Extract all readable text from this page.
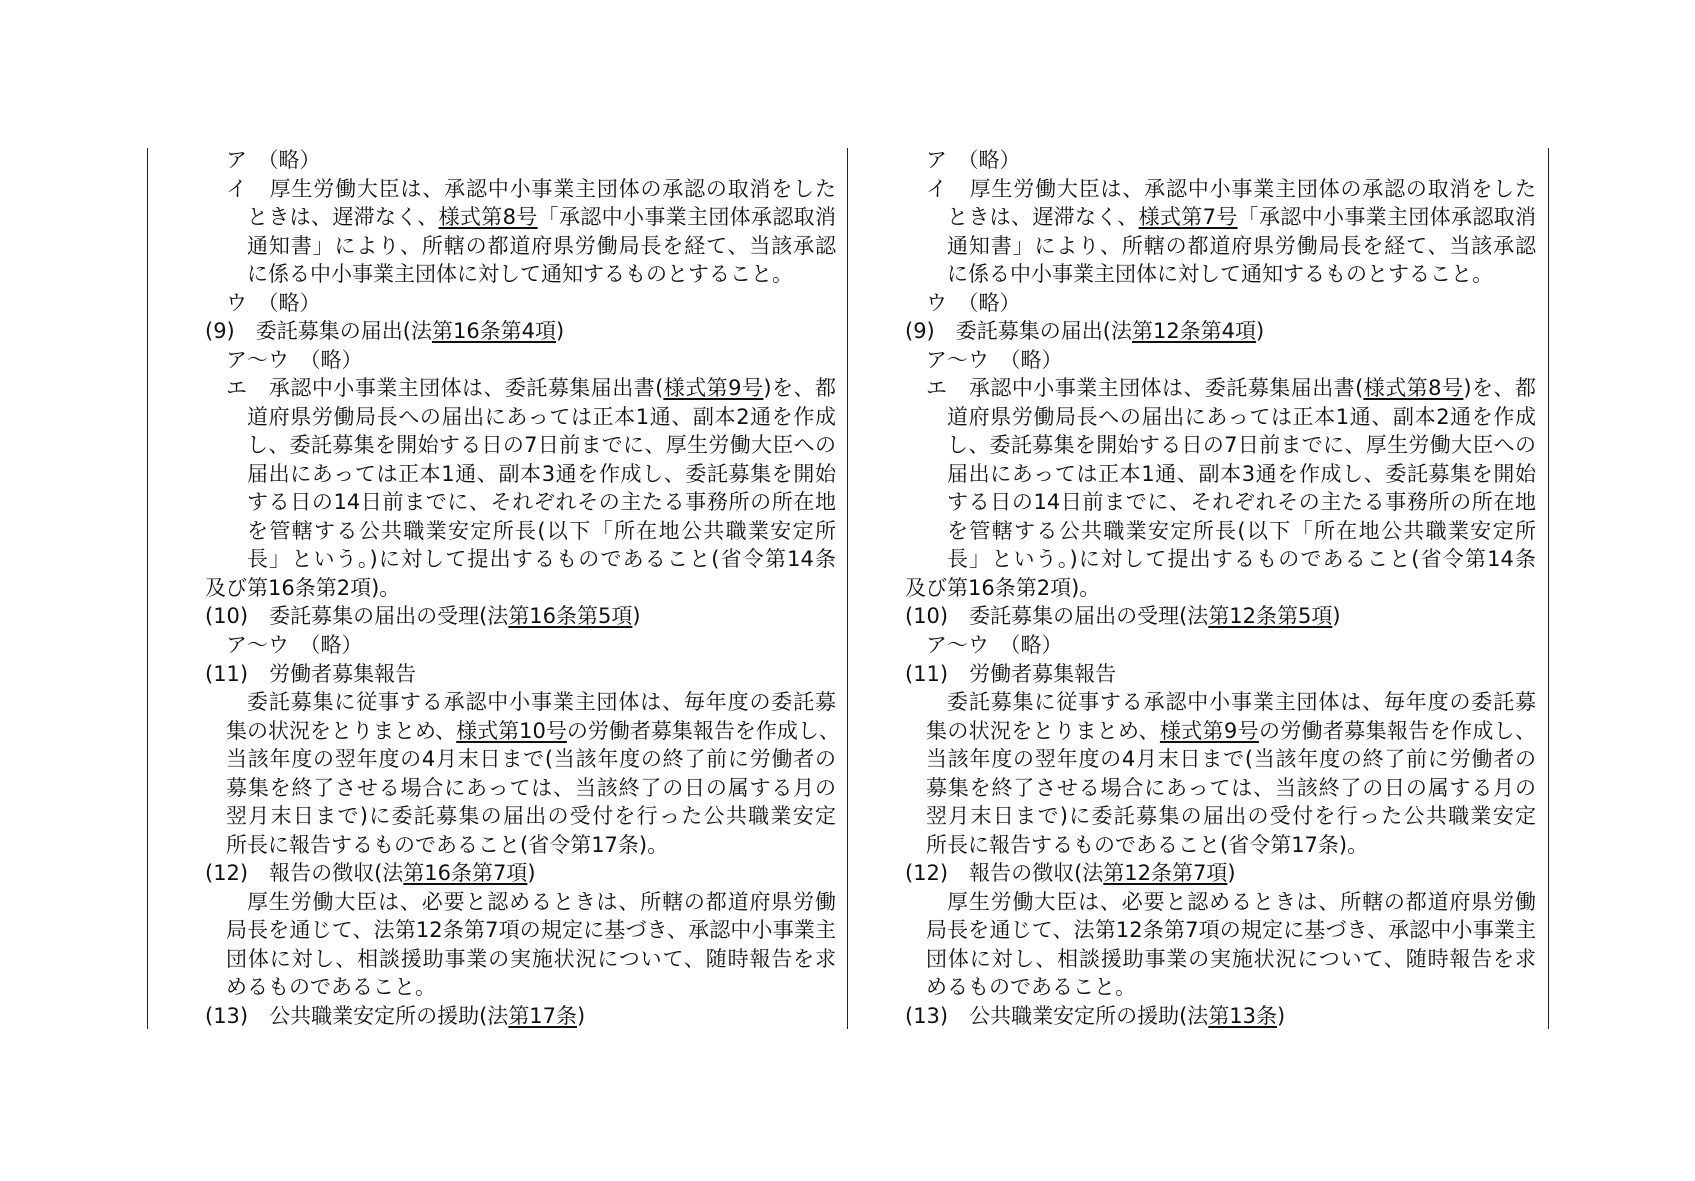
ア　（略）
イ　厚生労働大臣は、承認中小事業主団体の承認の取消をした
ときは、遅滞なく、様式第8号「承認中小事業主団体承認取消
通知書」により、所轄の都道府県労働局長を経て、当該承認
に係る中小事業主団体に対して通知するものとすること。
ウ　（略）
(9)　委託募集の届出(法第16条第4項)
ア～ウ　（略）
エ　承認中小事業主団体は、委託募集届出書(様式第9号)を、都
道府県労働局長への届出にあっては正本1通、副本2通を作成
し、委託募集を開始する日の7日前までに、厚生労働大臣への
届出にあっては正本1通、副本3通を作成し、委託募集を開始
する日の14日前までに、それぞれその主たる事務所の所在地
を管轄する公共職業安定所長(以下「所在地公共職業安定所
長」という。)に対して提出するものであること(省令第14条
及び第16条第2項)。
(10)　委託募集の届出の受理(法第16条第5項)
ア～ウ　（略）
(11)　労働者募集報告
委託募集に従事する承認中小事業主団体は、毎年度の委託募
集の状況をとりまとめ、様式第10号の労働者募集報告を作成し、
当該年度の翌年度の4月末日まで(当該年度の終了前に労働者の
募集を終了させる場合にあっては、当該終了の日の属する月の
翌月末日まで)に委託募集の届出の受付を行った公共職業安定
所長に報告するものであること(省令第17条)。
(12)　報告の徴収(法第16条第7項)
厚生労働大臣は、必要と認めるときは、所轄の都道府県労働
局長を通じて、法第12条第7項の規定に基づき、承認中小事業主
団体に対し、相談援助事業の実施状況について、随時報告を求
めるものであること。
(13)　公共職業安定所の援助(法第17条)
ア　（略）
イ　厚生労働大臣は、承認中小事業主団体の承認の取消をした
ときは、遅滞なく、様式第7号「承認中小事業主団体承認取消
通知書」により、所轄の都道府県労働局長を経て、当該承認
に係る中小事業主団体に対して通知するものとすること。
ウ　（略）
(9)　委託募集の届出(法第12条第4項)
ア～ウ　（略）
エ　承認中小事業主団体は、委託募集届出書(様式第8号)を、都
道府県労働局長への届出にあっては正本1通、副本2通を作成
し、委託募集を開始する日の7日前までに、厚生労働大臣への
届出にあっては正本1通、副本3通を作成し、委託募集を開始
する日の14日前までに、それぞれその主たる事務所の所在地
を管轄する公共職業安定所長(以下「所在地公共職業安定所
長」という。)に対して提出するものであること(省令第14条
及び第16条第2項)。
(10)　委託募集の届出の受理(法第12条第5項)
ア～ウ　（略）
(11)　労働者募集報告
委託募集に従事する承認中小事業主団体は、毎年度の委託募
集の状況をとりまとめ、様式第9号の労働者募集報告を作成し、
当該年度の翌年度の4月末日まで(当該年度の終了前に労働者の
募集を終了させる場合にあっては、当該終了の日の属する月の
翌月末日まで)に委託募集の届出の受付を行った公共職業安定
所長に報告するものであること(省令第17条)。
(12)　報告の徴収(法第12条第7項)
厚生労働大臣は、必要と認めるときは、所轄の都道府県労働
局長を通じて、法第12条第7項の規定に基づき、承認中小事業主
団体に対し、相談援助事業の実施状況について、随時報告を求
めるものであること。
(13)　公共職業安定所の援助(法第13条)
